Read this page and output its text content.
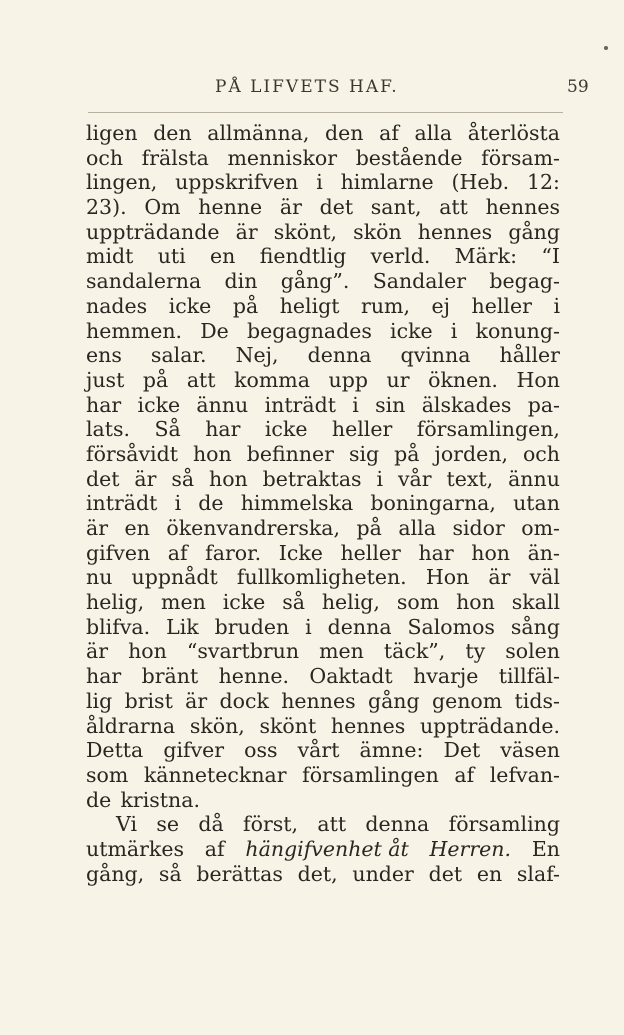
PÅ LIFVETS HAF.	59
ligen den allmänna, den af alla återlösta
och frälsta menniskor bestående försam-
lingen, uppskrifven i himlarne (Heb. 12:
23). Om henne är det sant, att hennes
uppträdande är skönt, skön hennes gång
midt uti en fiendtlig verld. Märk: “I
sandalerna din gång”. Sandaler begag-
nades icke på heligt rum, ej heller i
hemmen. De begagnades icke i konung-
ens salar. Nej, denna qvinna håller
just på att komma upp ur öknen. Hon
har icke ännu inträdt i sin älskades pa-
lats. Så har icke heller församlingen,
försåvidt hon befinner sig på jorden, och
det är så hon betraktas i vår text, ännu
inträdt i de himmelska boningarna, utan
är en ökenvandrerska, på alla sidor om-
gifven af faror. Icke heller har hon än-
nu uppnådt fullkomligheten. Hon är väl
helig, men icke så helig, som hon skall
blifva. Lik bruden i denna Salomos sång
är hon “svartbrun men täck”, ty solen
har bränt henne. Oaktadt hvarje tillfäl-
lig brist är dock hennes gång genom tids-
åldrarna skön, skönt hennes uppträdande.
Detta gifver oss vårt ämne: Det väsen
som kännetecknar församlingen af lefvan-
de kristna.
Vi se då först, att denna församling
utmärkes af hängifvenhet åt Herren. En
gång, så berättas det, under det en slaf-
